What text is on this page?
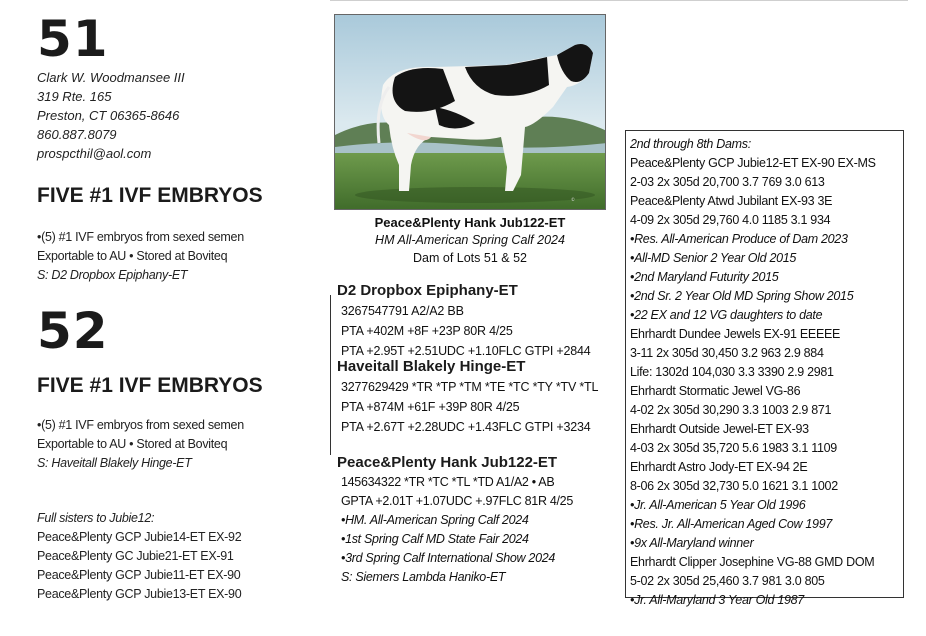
51
Clark W. Woodmansee III
319 Rte. 165
Preston, CT 06365-8646
860.887.8079
prospcthil@aol.com
FIVE #1 IVF EMBRYOS
•(5) #1 IVF embryos from sexed semen
Exportable to AU • Stored at Boviteq
S: D2 Dropbox Epiphany-ET
52
FIVE #1 IVF EMBRYOS
•(5) #1 IVF embryos from sexed semen
Exportable to AU • Stored at Boviteq
S: Haveitall Blakely Hinge-ET
Full sisters to Jubie12:
Peace&Plenty GCP Jubie14-ET EX-92
Peace&Plenty GC Jubie21-ET EX-91
Peace&Plenty GCP Jubie11-ET EX-90
Peace&Plenty GCP Jubie13-ET EX-90
©
Peace&Plenty Hank Jub122-ET
HM All-American Spring Calf 2024
Dam of Lots 51 & 52
D2 Dropbox Epiphany-ET
3267547791 A2/A2 BB
PTA +402M +8F +23P 80R 4/25
PTA +2.95T +2.51UDC +1.10FLC GTPI +2844
Haveitall Blakely Hinge-ET
3277629429 *TR *TP *TM *TE *TC *TY *TV *TL
PTA +874M +61F +39P 80R 4/25
PTA +2.67T +2.28UDC +1.43FLC GTPI +3234
Peace&Plenty Hank Jub122-ET
145634322 *TR *TC *TL *TD A1/A2 • AB
GPTA +2.01T +1.07UDC +.97FLC 81R 4/25
•HM. All-American Spring Calf 2024
•1st Spring Calf MD State Fair 2024
•3rd Spring Calf International Show 2024
S: Siemers Lambda Haniko-ET
2nd through 8th Dams:
Peace&Plenty GCP Jubie12-ET EX-90 EX-MS
2-03 2x 305d 20,700 3.7 769 3.0 613
Peace&Plenty Atwd Jubilant EX-93 3E
4-09 2x 305d 29,760 4.0 1185 3.1 934
•Res. All-American Produce of Dam 2023
•All-MD Senior 2 Year Old 2015
•2nd Maryland Futurity 2015
•2nd Sr. 2 Year Old MD Spring Show 2015
•22 EX and 12 VG daughters to date
Ehrhardt Dundee Jewels EX-91 EEEEE
3-11 2x 305d 30,450 3.2 963 2.9 884
Life: 1302d 104,030 3.3 3390 2.9 2981
Ehrhardt Stormatic Jewel VG-86
4-02 2x 305d 30,290 3.3 1003 2.9 871
Ehrhardt Outside Jewel-ET EX-93
4-03 2x 305d 35,720 5.6 1983 3.1 1109
Ehrhardt Astro Jody-ET EX-94 2E
8-06 2x 305d 32,730 5.0 1621 3.1 1002
•Jr. All-American 5 Year Old 1996
•Res. Jr. All-American Aged Cow 1997
•9x All-Maryland winner
Ehrhardt Clipper Josephine VG-88 GMD DOM
5-02 2x 305d 25,460 3.7 981 3.0 805
•Jr. All-Maryland 3 Year Old 1987
